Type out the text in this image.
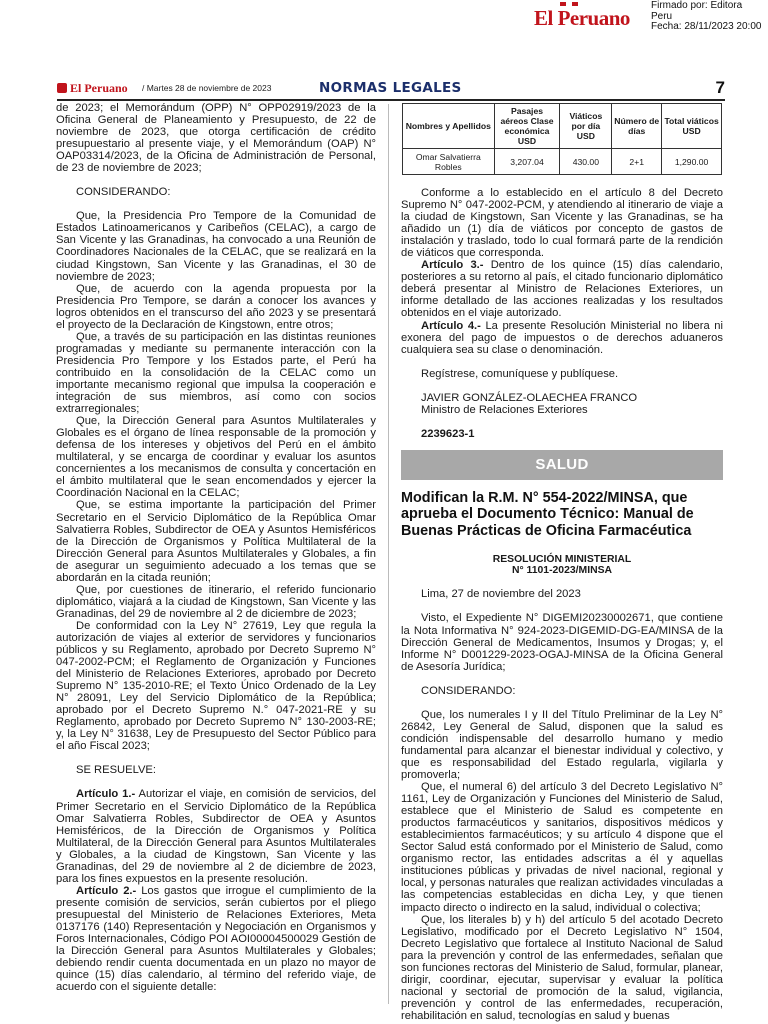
El Peruano
Firmado por: Editora
Peru
Fecha: 28/11/2023 20:00
El Peruano / Martes 28 de noviembre de 2023	NORMAS LEGALES	7

de 2023; el Memorándum (OPP) N° OPP02919/2023 de la Oficina General de Planeamiento y Presupuesto, de 22 de noviembre de 2023, que otorga certificación de crédito presupuestario al presente viaje, y el Memorándum (OAP) N° OAP03314/2023, de la Oficina de Administración de Personal, de 23 de noviembre de 2023;

CONSIDERANDO:

Que, la Presidencia Pro Tempore de la Comunidad de Estados Latinoamericanos y Caribeños (CELAC), a cargo de San Vicente y las Granadinas, ha convocado a una Reunión de Coordinadores Nacionales de la CELAC, que se realizará en la ciudad Kingstown, San Vicente y las Granadinas, el 30 de noviembre de 2023;

Que, de acuerdo con la agenda propuesta por la Presidencia Pro Tempore, se darán a conocer los avances y logros obtenidos en el transcurso del año 2023 y se presentará el proyecto de la Declaración de Kingstown, entre otros;

Que, a través de su participación en las distintas reuniones programadas y mediante su permanente interacción con la Presidencia Pro Tempore y los Estados parte, el Perú ha contribuido en la consolidación de la CELAC como un importante mecanismo regional que impulsa la cooperación e integración de sus miembros, así como con socios extrarregionales;

Que, la Dirección General para Asuntos Multilaterales y Globales es el órgano de línea responsable de la promoción y defensa de los intereses y objetivos del Perú en el ámbito multilateral, y se encarga de coordinar y evaluar los asuntos concernientes a los mecanismos de consulta y concertación en el ámbito multilateral que le sean encomendados y ejercer la Coordinación Nacional en la CELAC;

Que, se estima importante la participación del Primer Secretario en el Servicio Diplomático de la República Omar Salvatierra Robles, Subdirector de OEA y Asuntos Hemisféricos de la Dirección de Organismos y Política Multilateral de la Dirección General para Asuntos Multilaterales y Globales, a fin de asegurar un seguimiento adecuado a los temas que se abordarán en la citada reunión;

Que, por cuestiones de itinerario, el referido funcionario diplomático, viajará a la ciudad de Kingstown, San Vicente y las Granadinas, del 29 de noviembre al 2 de diciembre de 2023;

De conformidad con la Ley N° 27619, Ley que regula la autorización de viajes al exterior de servidores y funcionarios públicos y su Reglamento, aprobado por Decreto Supremo N° 047-2002-PCM; el Reglamento de Organización y Funciones del Ministerio de Relaciones Exteriores, aprobado por Decreto Supremo N° 135-2010-RE; el Texto Único Ordenado de la Ley N° 28091, Ley del Servicio Diplomático de la República; aprobado por el Decreto Supremo N.° 047-2021-RE y su Reglamento, aprobado por Decreto Supremo N° 130-2003-RE; y, la Ley N° 31638, Ley de Presupuesto del Sector Público para el año Fiscal 2023;

SE RESUELVE:

Artículo 1.- Autorizar el viaje, en comisión de servicios, del Primer Secretario en el Servicio Diplomático de la República Omar Salvatierra Robles, Subdirector de OEA y Asuntos Hemisféricos, de la Dirección de Organismos y Política Multilateral, de la Dirección General para Asuntos Multilaterales y Globales, a la ciudad de Kingstown, San Vicente y las Granadinas, del 29 de noviembre al 2 de diciembre de 2023, para los fines expuestos en la presente resolución.

Artículo 2.- Los gastos que irrogue el cumplimiento de la presente comisión de servicios, serán cubiertos por el pliego presupuestal del Ministerio de Relaciones Exteriores, Meta 0137176 (140) Representación y Negociación en Organismos y Foros Internacionales, Código POI AOI00004500029 Gestión de la Dirección General para Asuntos Multilaterales y Globales; debiendo rendir cuenta documentada en un plazo no mayor de quince (15) días calendario, al término del referido viaje, de acuerdo con el siguiente detalle:

Nombres y Apellidos	Pasajes aéreos Clase económica USD	Viáticos por día USD	Número de días	Total viáticos USD
Omar Salvatierra Robles	3,207.04	430.00	2+1	1,290.00

Conforme a lo establecido en el artículo 8 del Decreto Supremo N° 047-2002-PCM, y atendiendo al itinerario de viaje a la ciudad de Kingstown, San Vicente y las Granadinas, se ha añadido un (1) día de viáticos por concepto de gastos de instalación y traslado, todo lo cual formará parte de la rendición de viáticos que corresponda.

Artículo 3.- Dentro de los quince (15) días calendario, posteriores a su retorno al país, el citado funcionario diplomático deberá presentar al Ministro de Relaciones Exteriores, un informe detallado de las acciones realizadas y los resultados obtenidos en el viaje autorizado.

Artículo 4.- La presente Resolución Ministerial no libera ni exonera del pago de impuestos o de derechos aduaneros cualquiera sea su clase o denominación.

Regístrese, comuníquese y publíquese.

JAVIER GONZÁLEZ-OLAECHEA FRANCO

Ministro de Relaciones Exteriores

2239623-1

SALUD
Modifican la R.M. N° 554-2022/MINSA, que aprueba el Documento Técnico: Manual de Buenas Prácticas de Oficina Farmacéutica
RESOLUCIÓN MINISTERIAL
N° 1101-2023/MINSA

Lima, 27 de noviembre del 2023

Visto, el Expediente N° DIGEMI20230002671, que contiene la Nota Informativa N° 924-2023-DIGEMID-DG-EA/MINSA de la Dirección General de Medicamentos, Insumos y Drogas; y, el Informe N° D001229-2023-OGAJ-MINSA de la Oficina General de Asesoría Jurídica;

CONSIDERANDO:

Que, los numerales I y II del Título Preliminar de la Ley N° 26842, Ley General de Salud, disponen que la salud es condición indispensable del desarrollo humano y medio fundamental para alcanzar el bienestar individual y colectivo, y que es responsabilidad del Estado regularla, vigilarla y promoverla;

Que, el numeral 6) del artículo 3 del Decreto Legislativo N° 1161, Ley de Organización y Funciones del Ministerio de Salud, establece que el Ministerio de Salud es competente en productos farmacéuticos y sanitarios, dispositivos médicos y establecimientos farmacéuticos; y su artículo 4 dispone que el Sector Salud está conformado por el Ministerio de Salud, como organismo rector, las entidades adscritas a él y aquellas instituciones públicas y privadas de nivel nacional, regional y local, y personas naturales que realizan actividades vinculadas a las competencias establecidas en dicha Ley, y que tienen impacto directo o indirecto en la salud, individual o colectiva;

Que, los literales b) y h) del artículo 5 del acotado Decreto Legislativo, modificado por el Decreto Legislativo N° 1504, Decreto Legislativo que fortalece al Instituto Nacional de Salud para la prevención y control de las enfermedades, señalan que son funciones rectoras del Ministerio de Salud, formular, planear, dirigir, coordinar, ejecutar, supervisar y evaluar la política nacional y sectorial de promoción de la salud, vigilancia, prevención y control de las enfermedades, recuperación, rehabilitación en salud, tecnologías en salud y buenas
